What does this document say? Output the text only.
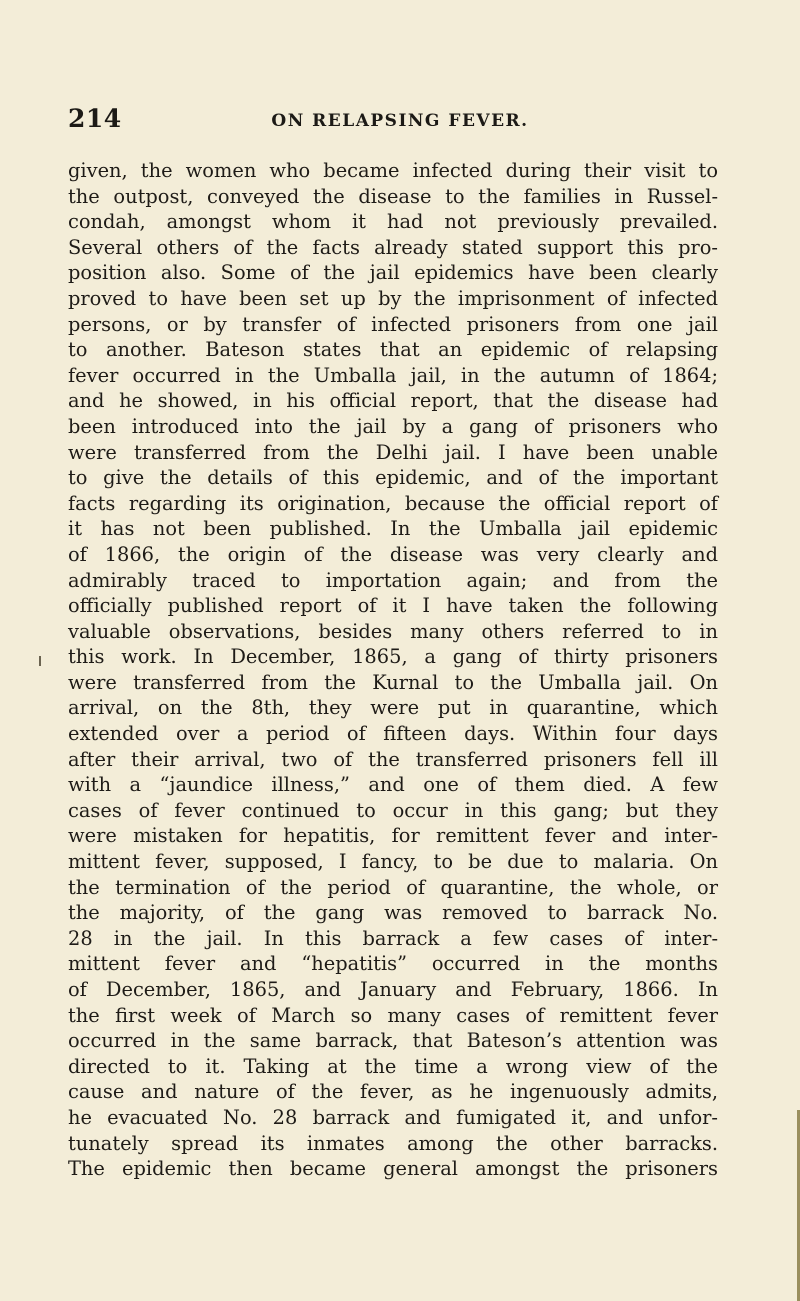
214	ON RELAPSING FEVER.
given, the women who became infected during their visit to
the outpost, conveyed the disease to the families in Russel-
condah, amongst whom it had not previously prevailed.
Several others of the facts already stated support this pro-
position also. Some of the jail epidemics have been clearly
proved to have been set up by the imprisonment of infected
persons, or by transfer of infected prisoners from one jail
to another. Bateson states that an epidemic of relapsing
fever occurred in the Umballa jail, in the autumn of 1864;
and he showed, in his official report, that the disease had
been introduced into the jail by a gang of prisoners who
were transferred from the Delhi jail. I have been unable
to give the details of this epidemic, and of the important
facts regarding its origination, because the official report of
it has not been published. In the Umballa jail epidemic
of 1866, the origin of the disease was very clearly and
admirably traced to importation again; and from the
officially published report of it I have taken the following
valuable observations, besides many others referred to in
this work. In December, 1865, a gang of thirty prisoners
were transferred from the Kurnal to the Umballa jail. On
arrival, on the 8th, they were put in quarantine, which
extended over a period of fifteen days. Within four days
after their arrival, two of the transferred prisoners fell ill
with a “jaundice illness,” and one of them died. A few
cases of fever continued to occur in this gang; but they
were mistaken for hepatitis, for remittent fever and inter-
mittent fever, supposed, I fancy, to be due to malaria. On
the termination of the period of quarantine, the whole, or
the majority, of the gang was removed to barrack No.
28 in the jail. In this barrack a few cases of inter-
mittent fever and “hepatitis” occurred in the months
of December, 1865, and January and February, 1866. In
the first week of March so many cases of remittent fever
occurred in the same barrack, that Bateson’s attention was
directed to it. Taking at the time a wrong view of the
cause and nature of the fever, as he ingenuously admits,
he evacuated No. 28 barrack and fumigated it, and unfor-
tunately spread its inmates among the other barracks.
The epidemic then became general amongst the prisoners
